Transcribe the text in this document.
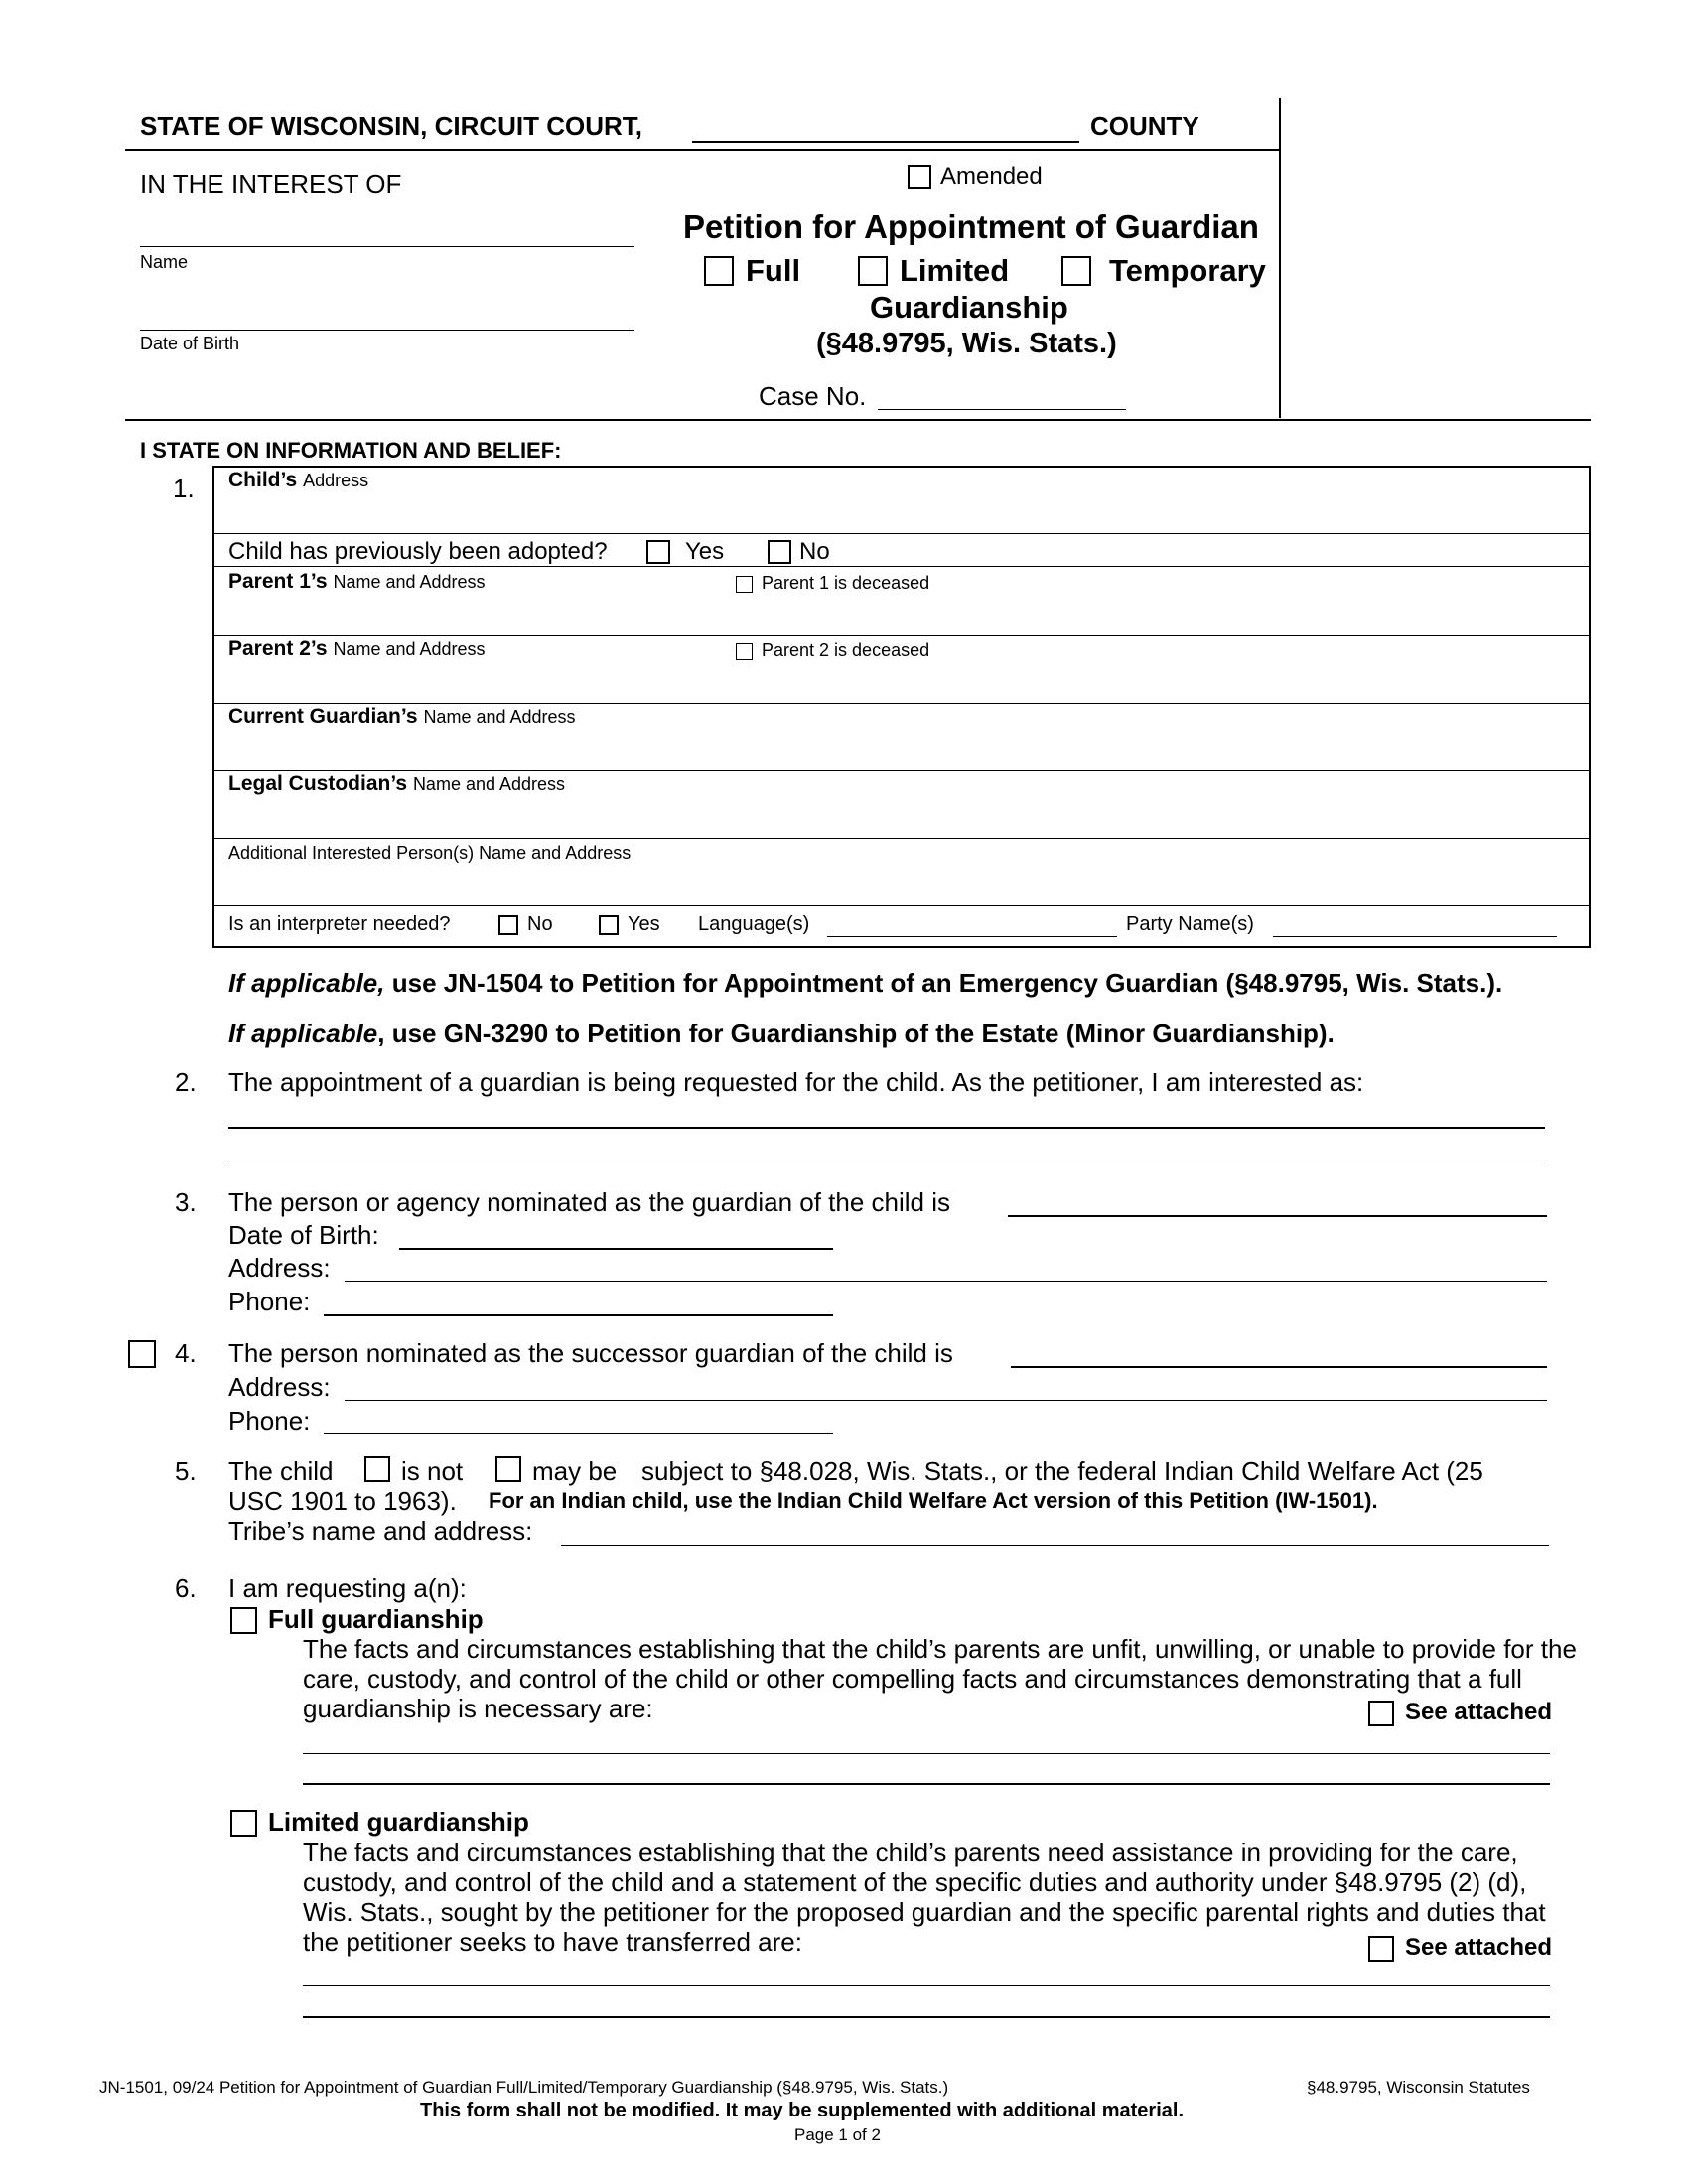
STATE OF WISCONSIN, CIRCUIT COURT,	COUNTY
IN THE INTEREST OF
Name
Date of Birth
Amended
Petition for Appointment of Guardian
Full	Limited	Temporary
Guardianship
(§48.9795, Wis. Stats.)
Case No.
I STATE ON INFORMATION AND BELIEF:
1. Child’s Address
Child has previously been adopted?	Yes	No
Parent 1’s Name and Address	Parent 1 is deceased
Parent 2’s Name and Address	Parent 2 is deceased
Current Guardian’s Name and Address
Legal Custodian’s Name and Address
Additional Interested Person(s) Name and Address
Is an interpreter needed?	No	Yes Language(s)	Party Name(s)
If applicable, use JN-1504 to Petition for Appointment of an Emergency Guardian (§48.9795, Wis. Stats.).
If applicable, use GN-3290 to Petition for Guardianship of the Estate (Minor Guardianship).
2. The appointment of a guardian is being requested for the child. As the petitioner, I am interested as:
3. The person or agency nominated as the guardian of the child is
Date of Birth:
Address:
Phone:
4. The person nominated as the successor guardian of the child is
Address:
Phone:
5. The child	is not	may be subject to §48.028, Wis. Stats., or the federal Indian Child Welfare Act (25
USC 1901 to 1963). For an Indian child, use the Indian Child Welfare Act version of this Petition (IW-1501).
Tribe’s name and address:
6. I am requesting a(n):
Full guardianship
The facts and circumstances establishing that the child’s parents are unfit, unwilling, or unable to provide for the care, custody, and control of the child or other compelling facts and circumstances demonstrating that a full guardianship is necessary are:	See attached
Limited guardianship
The facts and circumstances establishing that the child’s parents need assistance in providing for the care, custody, and control of the child and a statement of the specific duties and authority under §48.9795 (2) (d), Wis. Stats., sought by the petitioner for the proposed guardian and the specific parental rights and duties that the petitioner seeks to have transferred are:	See attached
JN-1501, 09/24 Petition for Appointment of Guardian Full/Limited/Temporary Guardianship (§48.9795, Wis. Stats.)	§48.9795, Wisconsin Statutes
This form shall not be modified. It may be supplemented with additional material.
Page 1 of 2
